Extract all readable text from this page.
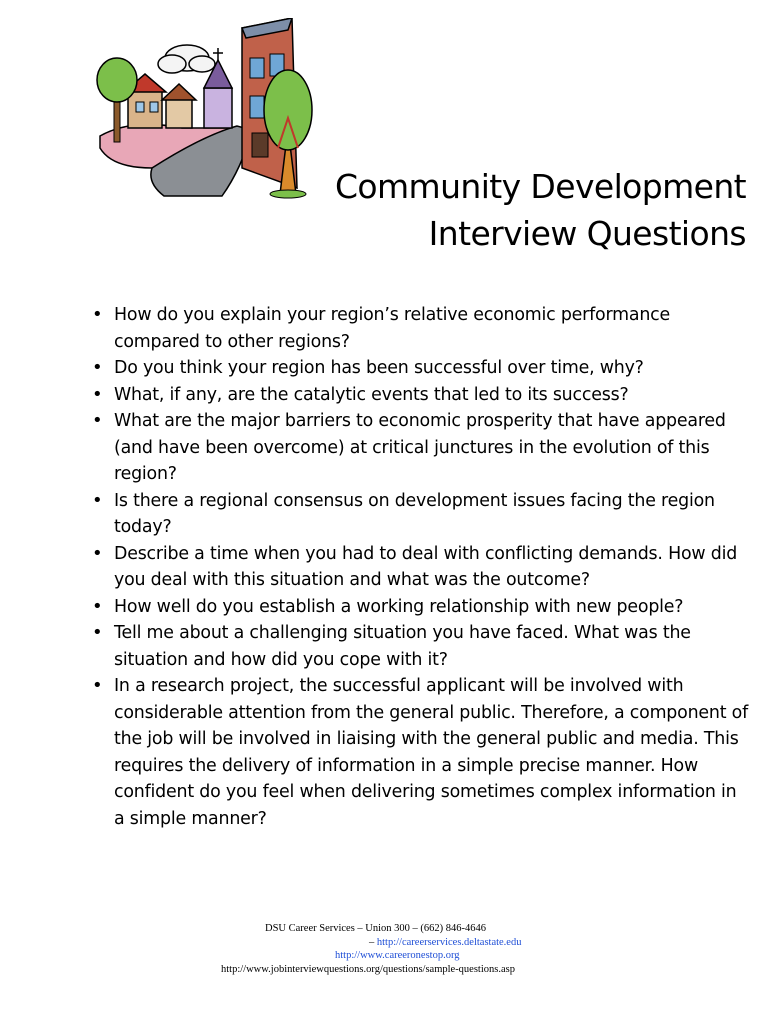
Community Development
Interview Questions
• How do you explain your region’s relative economic performance compared to other regions?
• Do you think your region has been successful over time, why?
• What, if any, are the catalytic events that led to its success?
• What are the major barriers to economic prosperity that have appeared (and have been overcome) at critical junctures in the evolution of this region?
• Is there a regional consensus on development issues facing the region today?
• Describe a time when you had to deal with conflicting demands. How did you deal with this situation and what was the outcome?
• How well do you establish a working relationship with new people?
• Tell me about a challenging situation you have faced. What was the situation and how did you cope with it?
• In a research project, the successful applicant will be involved with considerable attention from the general public. Therefore, a component of the job will be involved in liaising with the general public and media. This requires the delivery of information in a simple precise manner. How confident do you feel when delivering sometimes complex information in a simple manner?
DSU Career Services – Union 300 – (662) 846-4646
– http://careerservices.deltastate.edu
http://www.careeronestop.org
http://www.jobinterviewquestions.org/questions/sample-questions.asp
